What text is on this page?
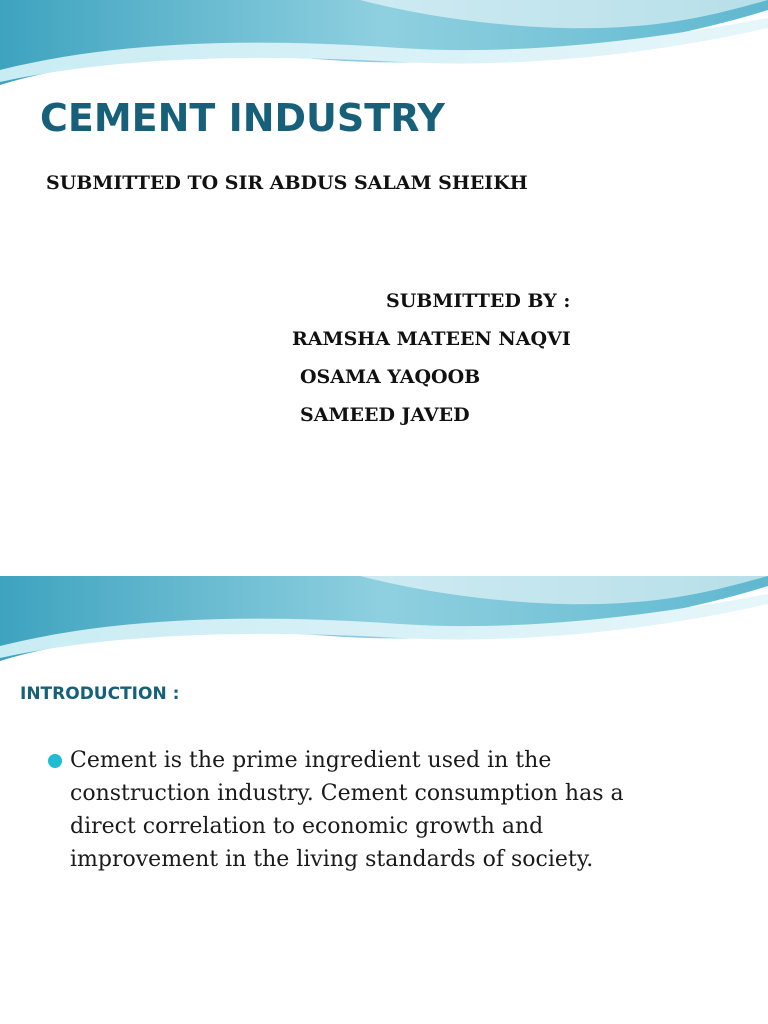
CEMENT INDUSTRY

SUBMITTED TO SIR ABDUS SALAM SHEIKH

SUBMITTED BY :

RAMSHA MATEEN NAQVI

OSAMA YAQOOB

SAMEED JAVED

INTRODUCTION :

Cement is the prime ingredient used in the construction industry. Cement consumption has a direct correlation to economic growth and improvement in the living standards of society.
